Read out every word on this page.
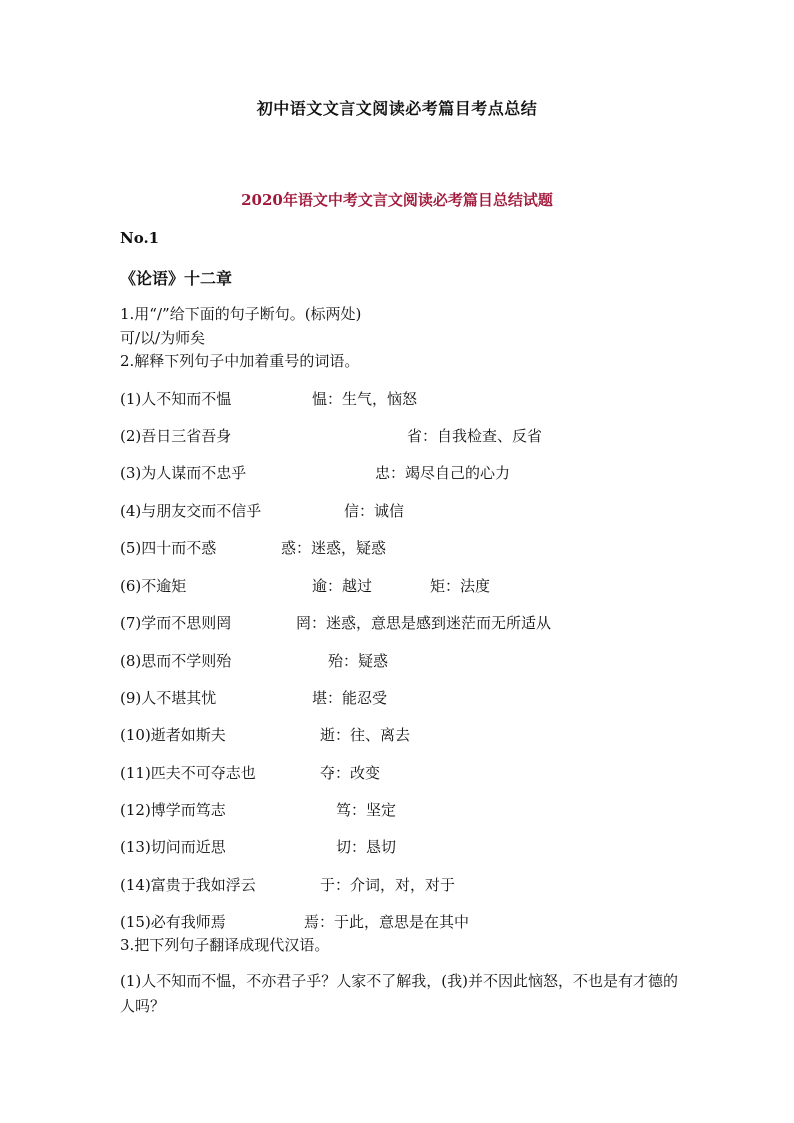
初中语文文言文阅读必考篇目考点总结
2020年语文中考文言文阅读必考篇目总结试题
No.1
《论语》十二章
1.用“/”给下面的句子断句。(标两处)
可/以/为师矣
2.解释下列句子中加着重号的词语。
(1)人不知而不愠	愠：生气，恼怒
(2)吾日三省吾身	省：自我检查、反省
(3)为人谋而不忠乎	忠：竭尽自己的心力
(4)与朋友交而不信乎	信：诚信
(5)四十而不惑	惑：迷惑，疑惑
(6)不逾矩	逾：越过	矩：法度
(7)学而不思则罔	罔：迷惑，意思是感到迷茫而无所适从
(8)思而不学则殆	殆：疑惑
(9)人不堪其忧	堪：能忍受
(10)逝者如斯夫	逝：往、离去
(11)匹夫不可夺志也	夺：改变
(12)博学而笃志	笃：坚定
(13)切问而近思	切：恳切
(14)富贵于我如浮云	于：介词，对，对于
(15)必有我师焉	焉：于此，意思是在其中
3.把下列句子翻译成现代汉语。
(1)人不知而不愠，不亦君子乎？人家不了解我，(我)并不因此恼怒，不也是有才德的人吗？
